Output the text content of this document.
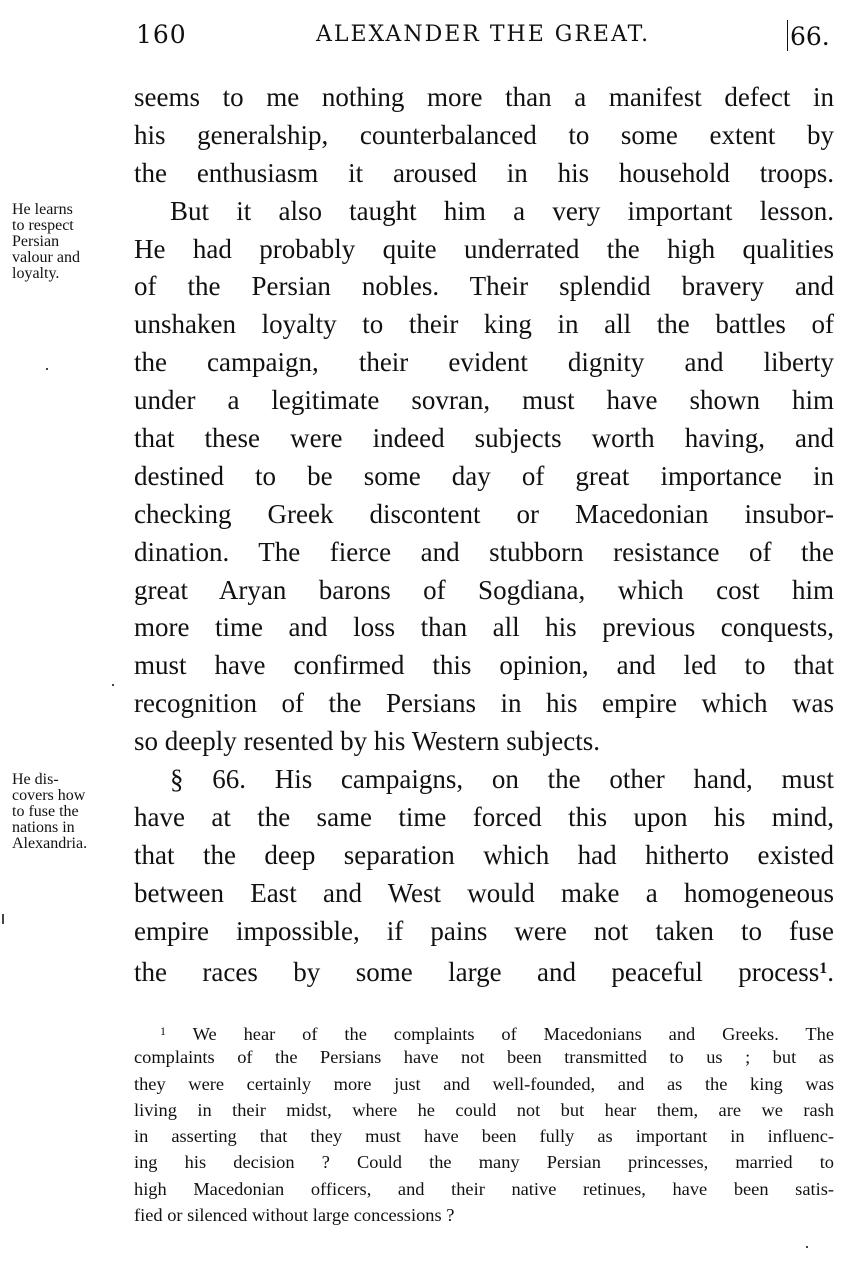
160	ALEXANDER THE GREAT.	66.
seems to me nothing more than a manifest defect in
his generalship, counterbalanced to some extent by
the enthusiasm it aroused in his household troops.
But it also taught him a very important lesson.
He had probably quite underrated the high qualities
of the Persian nobles. Their splendid bravery and
unshaken loyalty to their king in all the battles of
the campaign, their evident dignity and liberty
under a legitimate sovran, must have shown him
that these were indeed subjects worth having, and
destined to be some day of great importance in
checking Greek discontent or Macedonian insubor-
dination. The fierce and stubborn resistance of the
great Aryan barons of Sogdiana, which cost him
more time and loss than all his previous conquests,
must have confirmed this opinion, and led to that
recognition of the Persians in his empire which was
so deeply resented by his Western subjects.
§ 66. His campaigns, on the other hand, must
have at the same time forced this upon his mind,
that the deep separation which had hitherto existed
between East and West would make a homogeneous
empire impossible, if pains were not taken to fuse
the races by some large and peaceful process$^1$.
He learns
to respect
Persian
valour and
loyalty.
He dis-
covers how
to fuse the
nations in
Alexandria.
$^1$ We hear of the complaints of Macedonians and Greeks. The
complaints of the Persians have not been transmitted to us ; but as
they were certainly more just and well-founded, and as the king was
living in their midst, where he could not but hear them, are we rash
in asserting that they must have been fully as important in influenc-
ing his decision ? Could the many Persian princesses, married to
high Macedonian officers, and their native retinues, have been satis-
fied or silenced without large concessions ?
